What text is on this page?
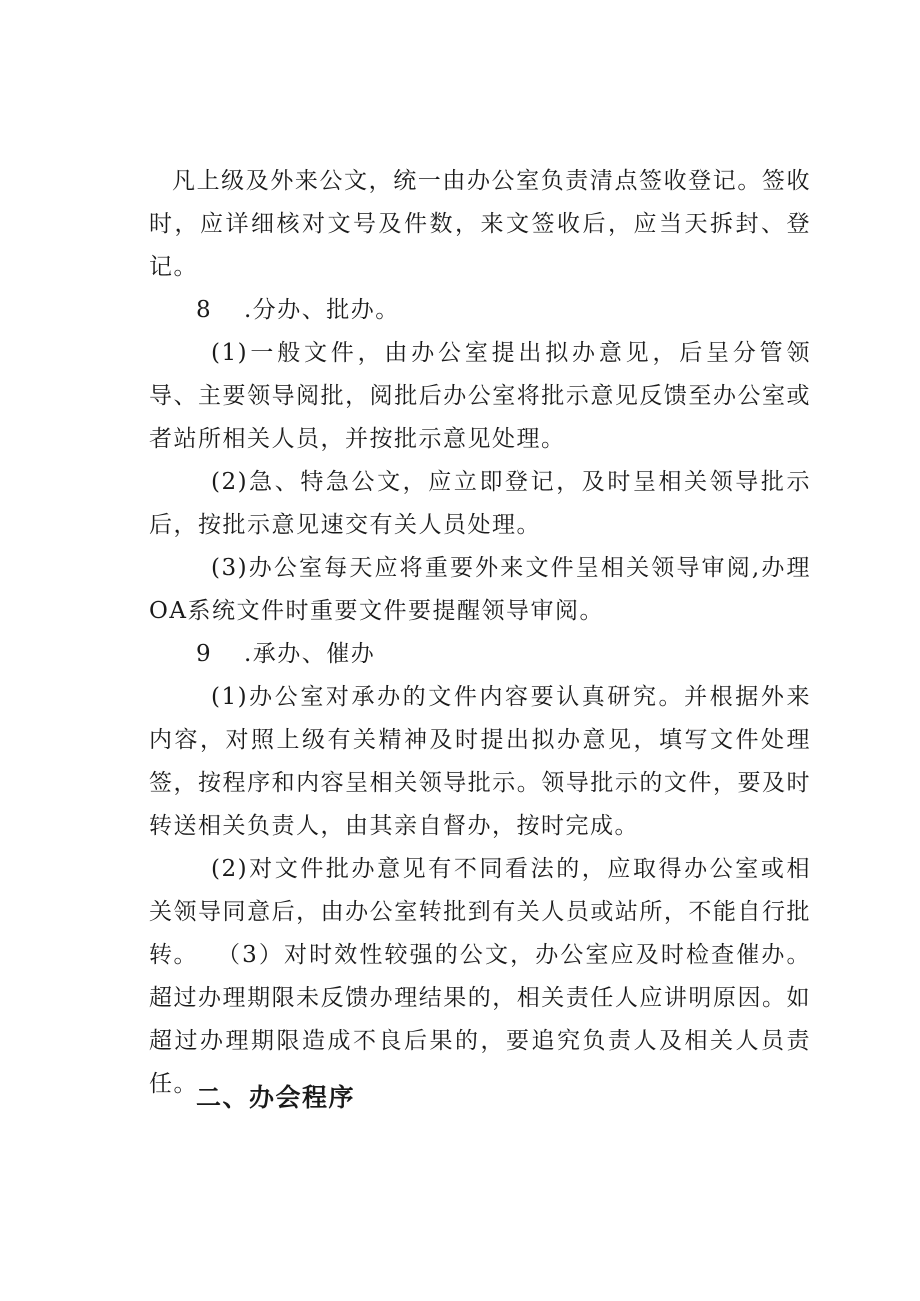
凡上级及外来公文，统一由办公室负责清点签收登记。签收时，应详细核对文号及件数，来文签收后，应当天拆封、登记。

8 .分办、批办。

(1)一般文件，由办公室提出拟办意见，后呈分管领导、主要领导阅批，阅批后办公室将批示意见反馈至办公室或者站所相关人员，并按批示意见处理。

(2)急、特急公文，应立即登记，及时呈相关领导批示后，按批示意见速交有关人员处理。

(3)办公室每天应将重要外来文件呈相关领导审阅,办理OA系统文件时重要文件要提醒领导审阅。

9 .承办、催办

(1)办公室对承办的文件内容要认真研究。并根据外来内容，对照上级有关精神及时提出拟办意见，填写文件处理签，按程序和内容呈相关领导批示。领导批示的文件，要及时转送相关负责人，由其亲自督办，按时完成。

(2)对文件批办意见有不同看法的，应取得办公室或相关领导同意后，由办公室转批到有关人员或站所，不能自行批转。 （3）对时效性较强的公文，办公室应及时检查催办。超过办理期限未反馈办理结果的，相关责任人应讲明原因。如超过办理期限造成不良后果的，要追究负责人及相关人员责任。

二、办会程序
